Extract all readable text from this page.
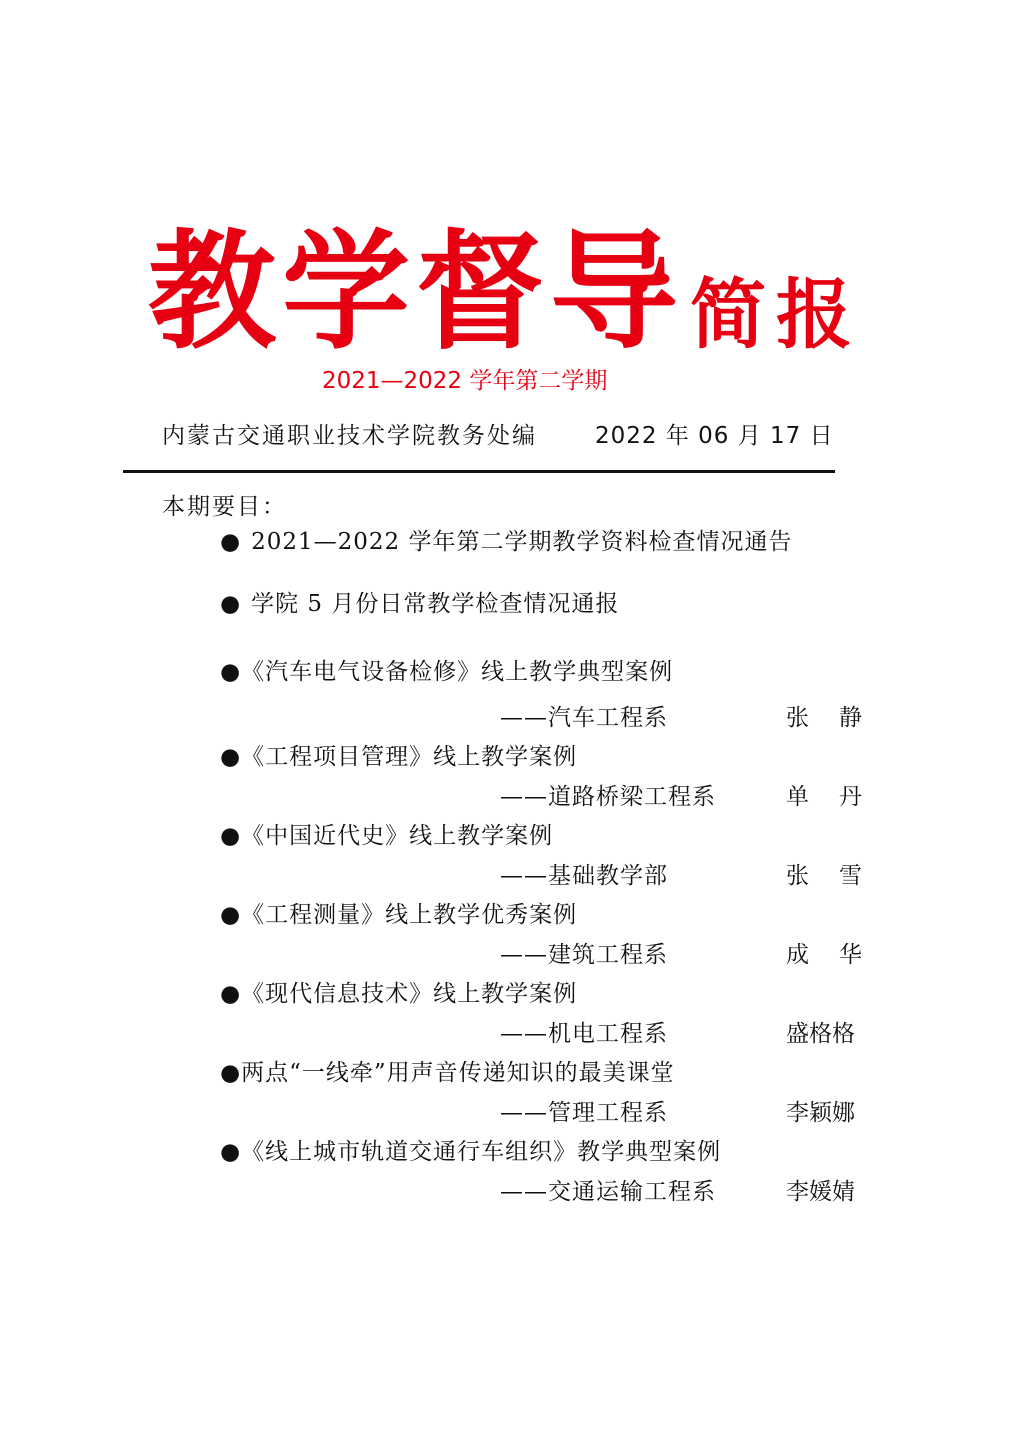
教学督导 简报
2021—2022 学年第二学期
内蒙古交通职业技术学院教务处编	2022 年 06 月 17 日
本期要目：
● 2021—2022 学年第二学期教学资料检查情况通告
● 学院 5 月份日常教学检查情况通报
●《汽车电气设备检修》线上教学典型案例
——汽车工程系	张 静
●《工程项目管理》线上教学案例
——道路桥梁工程系	单 丹
●《中国近代史》线上教学案例
——基础教学部	张 雪
●《工程测量》线上教学优秀案例
——建筑工程系	成 华
●《现代信息技术》线上教学案例
——机电工程系	盛格格
●两点“一线牵”用声音传递知识的最美课堂
——管理工程系	李颖娜
●《线上城市轨道交通行车组织》教学典型案例
——交通运输工程系	李媛婧
